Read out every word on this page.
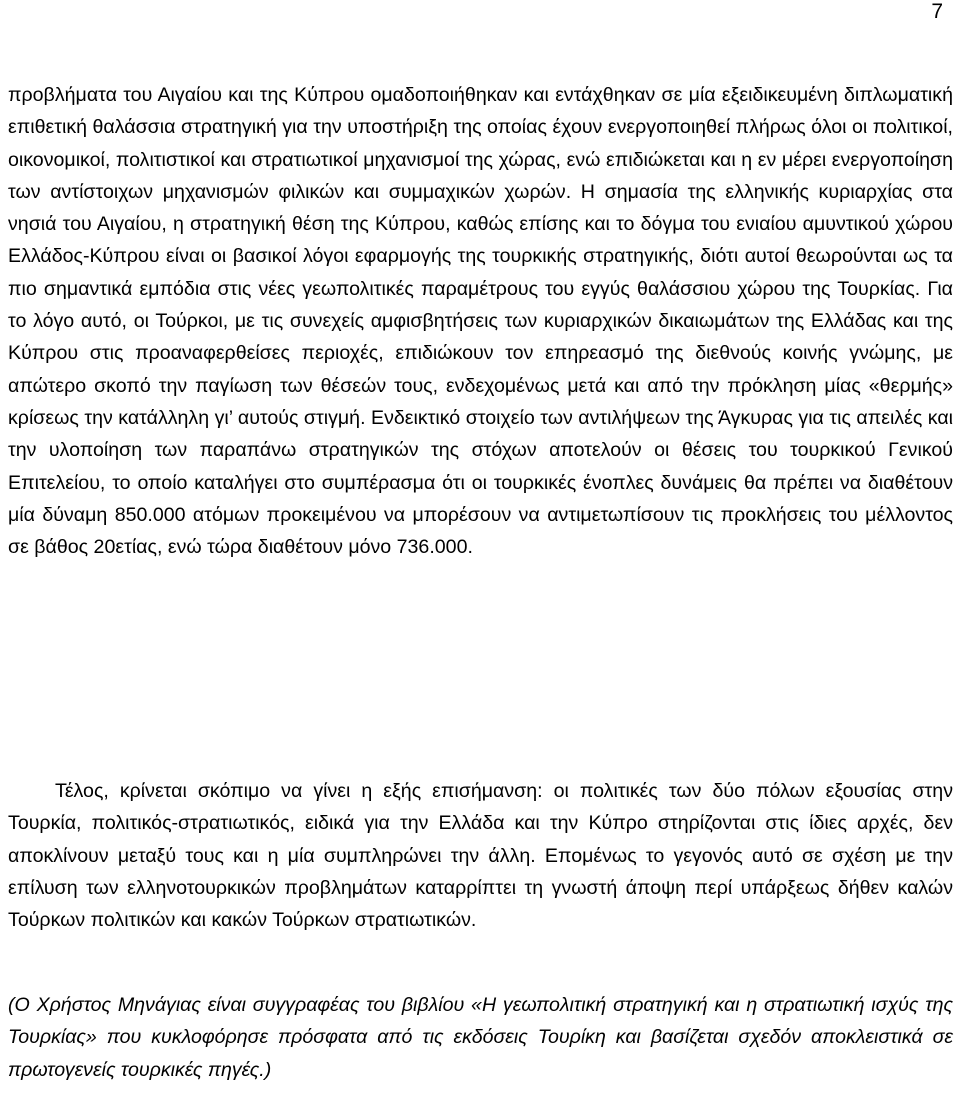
7

προβλήματα του Αιγαίου και της Κύπρου ομαδοποιήθηκαν και εντάχθηκαν σε μία εξειδικευμένη διπλωματική επιθετική θαλάσσια στρατηγική για την υποστήριξη της οποίας έχουν ενεργοποιηθεί πλήρως όλοι οι πολιτικοί, οικονομικοί, πολιτιστικοί και στρατιωτικοί μηχανισμοί της χώρας, ενώ επιδιώκεται και η εν μέρει ενεργοποίηση των αντίστοιχων μηχανισμών φιλικών και συμμαχικών χωρών. Η σημασία της ελληνικής κυριαρχίας στα νησιά του Αιγαίου, η στρατηγική θέση της Κύπρου, καθώς επίσης και το δόγμα του ενιαίου αμυντικού χώρου Ελλάδος-Κύπρου είναι οι βασικοί λόγοι εφαρμογής της τουρκικής στρατηγικής, διότι αυτοί θεωρούνται ως τα πιο σημαντικά εμπόδια στις νέες γεωπολιτικές παραμέτρους του εγγύς θαλάσσιου χώρου της Τουρκίας. Για το λόγο αυτό, οι Τούρκοι, με τις συνεχείς αμφισβητήσεις των κυριαρχικών δικαιωμάτων της Ελλάδας και της Κύπρου στις προαναφερθείσες περιοχές, επιδιώκουν τον επηρεασμό της διεθνούς κοινής γνώμης, με απώτερο σκοπό την παγίωση των θέσεών τους, ενδεχομένως μετά και από την πρόκληση μίας «θερμής» κρίσεως την κατάλληλη γι’ αυτούς στιγμή. Ενδεικτικό στοιχείο των αντιλήψεων της Άγκυρας για τις απειλές και την υλοποίηση των παραπάνω στρατηγικών της στόχων αποτελούν οι θέσεις του τουρκικού Γενικού Επιτελείου, το οποίο καταλήγει στο συμπέρασμα ότι οι τουρκικές ένοπλες δυνάμεις θα πρέπει να διαθέτουν μία δύναμη 850.000 ατόμων προκειμένου να μπορέσουν να αντιμετωπίσουν τις προκλήσεις του μέλλοντος σε βάθος 20ετίας, ενώ τώρα διαθέτουν μόνο 736.000.

Τέλος, κρίνεται σκόπιμο να γίνει η εξής επισήμανση: οι πολιτικές των δύο πόλων εξουσίας στην Τουρκία, πολιτικός-στρατιωτικός, ειδικά για την Ελλάδα και την Κύπρο στηρίζονται στις ίδιες αρχές, δεν αποκλίνουν μεταξύ τους και η μία συμπληρώνει την άλλη. Επομένως το γεγονός αυτό σε σχέση με την επίλυση των ελληνοτουρκικών προβλημάτων καταρρίπτει τη γνωστή άποψη περί υπάρξεως δήθεν καλών Τούρκων πολιτικών και κακών Τούρκων στρατιωτικών.

(Ο Χρήστος Μηνάγιας είναι συγγραφέας του βιβλίου «Η γεωπολιτική στρατηγική και η στρατιωτική ισχύς της Τουρκίας» που κυκλοφόρησε πρόσφατα από τις εκδόσεις Τουρίκη και βασίζεται σχεδόν αποκλειστικά σε πρωτογενείς τουρκικές πηγές.)
